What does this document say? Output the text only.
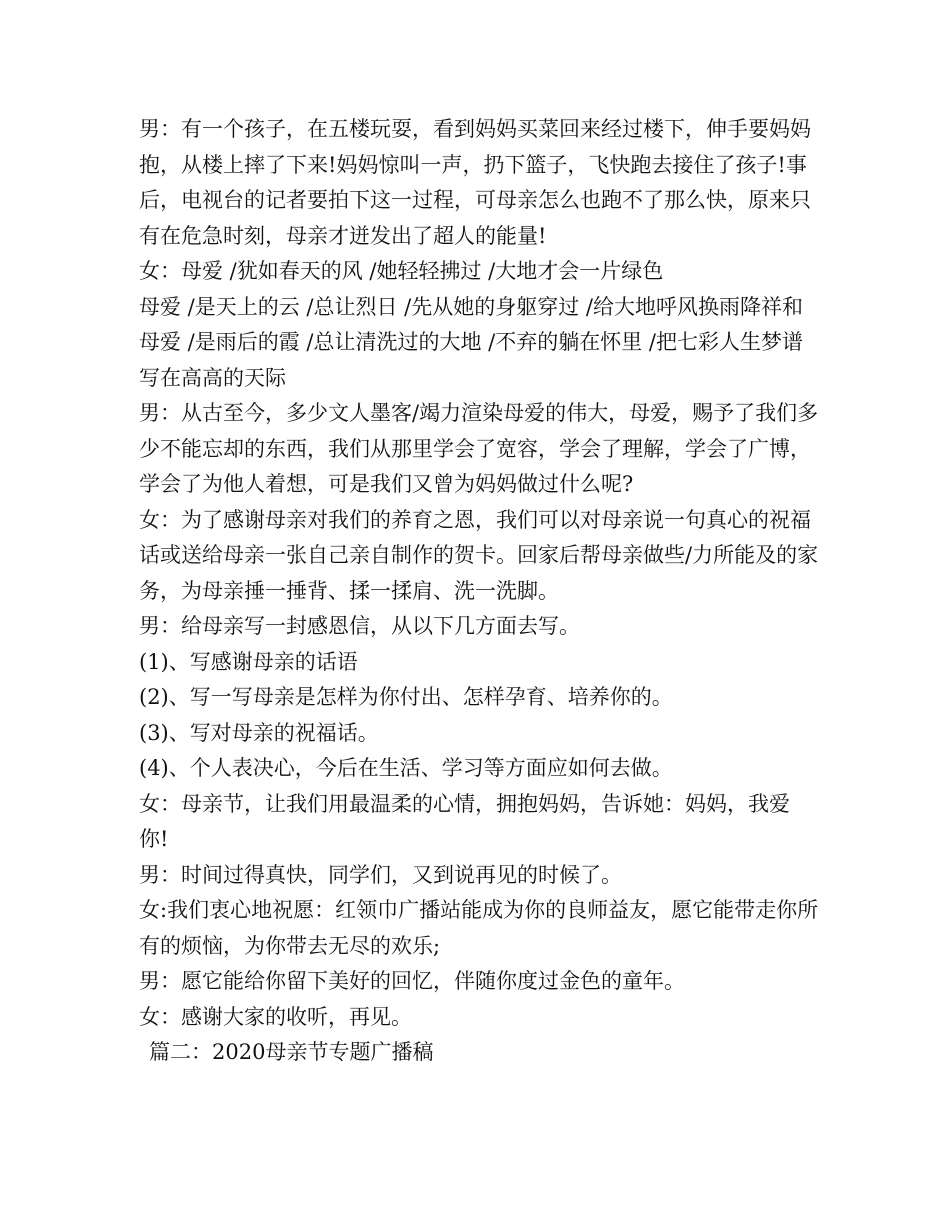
男：有一个孩子，在五楼玩耍，看到妈妈买菜回来经过楼下，伸手要妈妈抱，从楼上摔了下来!妈妈惊叫一声，扔下篮子，飞快跑去接住了孩子!事后，电视台的记者要拍下这一过程，可母亲怎么也跑不了那么快，原来只有在危急时刻，母亲才迸发出了超人的能量!

女：母爱 /犹如春天的风 /她轻轻拂过 /大地才会一片绿色

母爱 /是天上的云 /总让烈日 /先从她的身躯穿过 /给大地呼风换雨降祥和

母爱 /是雨后的霞 /总让清洗过的大地 /不弃的躺在怀里 /把七彩人生梦谱写在高高的天际

男：从古至今，多少文人墨客/竭力渲染母爱的伟大，母爱，赐予了我们多少不能忘却的东西，我们从那里学会了宽容，学会了理解，学会了广博，学会了为他人着想，可是我们又曾为妈妈做过什么呢?

女：为了感谢母亲对我们的养育之恩，我们可以对母亲说一句真心的祝福话或送给母亲一张自己亲自制作的贺卡。回家后帮母亲做些/力所能及的家务，为母亲捶一捶背、揉一揉肩、洗一洗脚。

男：给母亲写一封感恩信，从以下几方面去写。

(1)、写感谢母亲的话语

(2)、写一写母亲是怎样为你付出、怎样孕育、培养你的。

(3)、写对母亲的祝福话。

(4)、个人表决心，今后在生活、学习等方面应如何去做。

女：母亲节，让我们用最温柔的心情，拥抱妈妈，告诉她：妈妈，我爱你!

男：时间过得真快，同学们，又到说再见的时候了。

女:我们衷心地祝愿：红领巾广播站能成为你的良师益友，愿它能带走你所有的烦恼，为你带去无尽的欢乐;

男：愿它能给你留下美好的回忆，伴随你度过金色的童年。

女：感谢大家的收听，再见。

篇二：2020母亲节专题广播稿
